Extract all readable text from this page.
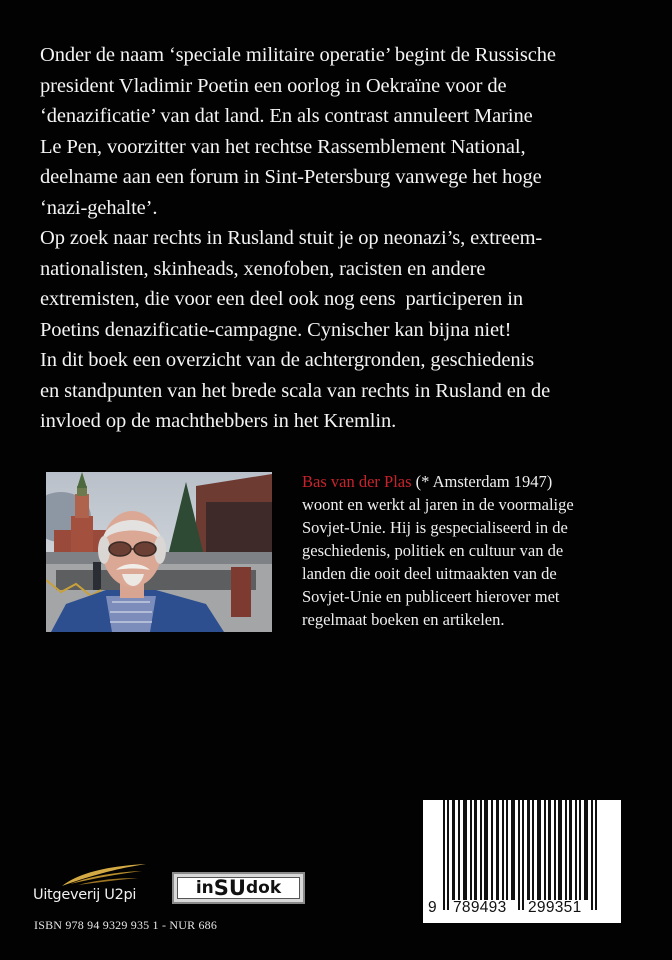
Onder de naam ‘speciale militaire operatie’ begint de Russische
president Vladimir Poetin een oorlog in Oekraïne voor de
‘denazificatie’ van dat land. En als contrast annuleert Marine
Le Pen, voorzitter van het rechtse Rassemblement National,
deelname aan een forum in Sint-Petersburg vanwege het hoge
‘nazi-gehalte’.

Op zoek naar rechts in Rusland stuit je op neonazi’s, extreem-
nationalisten, skinheads, xenofoben, racisten en andere
extremisten, die voor een deel ook nog eens  participeren in
Poetins denazificatie-campagne. Cynischer kan bijna niet!

In dit boek een overzicht van de achtergronden, geschiedenis
en standpunten van het brede scala van rechts in Rusland en de
invloed op de machthebbers in het Kremlin.

Bas van der Plas (* Amsterdam 1947)
woont en werkt al jaren in de voormalige
Sovjet-Unie. Hij is gespecialiseerd in de
geschiedenis, politiek en cultuur van de
landen die ooit deel uitmaakten van de
Sovjet-Unie en publiceert hierover met
regelmaat boeken en artikelen.
Uitgeverij U2pi	in SU dok
ISBN 978 94 9329 935 1 - NUR 686
9 789493 299351
